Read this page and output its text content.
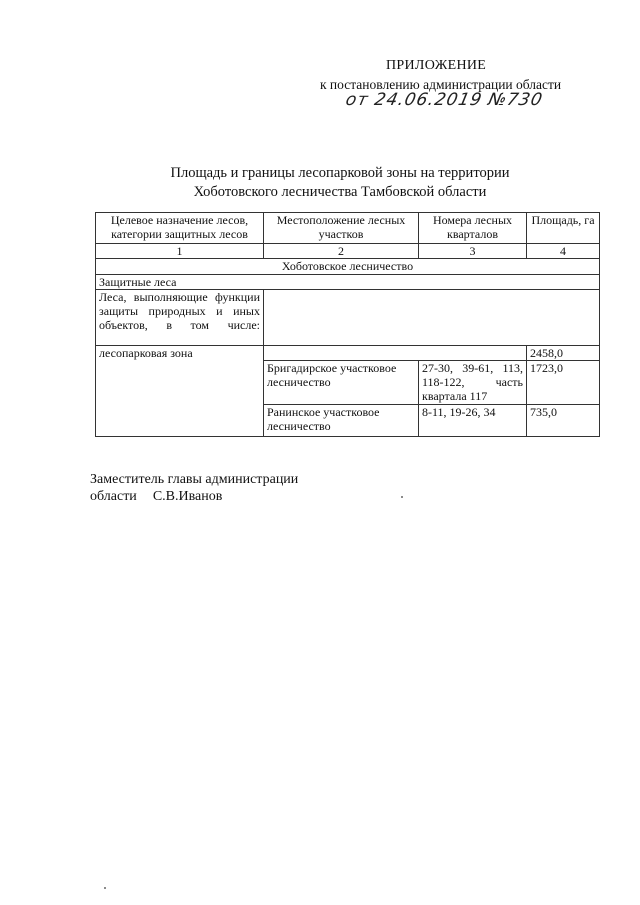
ПРИЛОЖЕНИЕ
к постановлению администрации области
от 24.06.2019 №730
Площадь и границы лесопарковой зоны на территории
Хоботовского лесничества Тамбовской области
Целевое назначение лесов, категории защитных лесов	Местоположение лесных участков	Номера лесных кварталов	Площадь, га
1	2	3	4
Хоботовское лесничество			
Защитные леса			
Леса, выполняющие функции защиты природных и иных объектов, в том числе:			
лесопарковая зона			2458,0
	Бригадирское участковое лесничество	27-30, 39-61, 113, 118-122, часть квартала 117	1723,0
	Ранинское участковое лесничество	8-11, 19-26, 34	735,0
Заместитель главы администрации
области С.В.Иванов
